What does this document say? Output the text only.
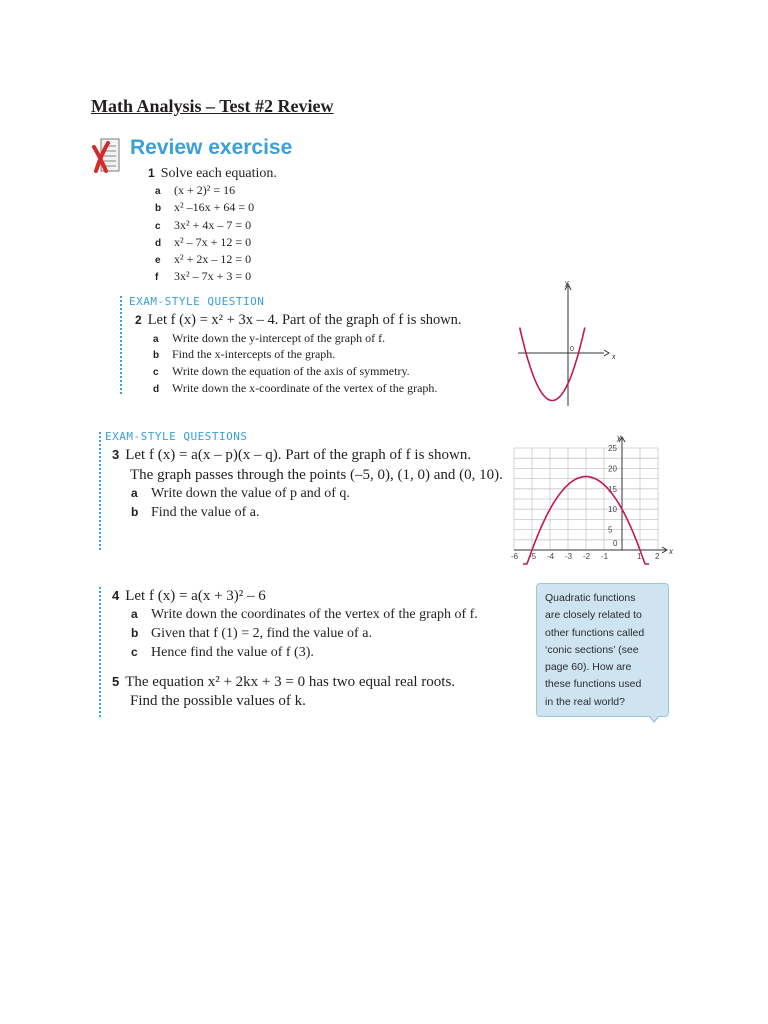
Math Analysis – Test #2 Review
Review exercise
1 Solve each equation.
a (x + 2)² = 16
b x² –16x + 64 = 0
c 3x² + 4x – 7 = 0
d x² – 7x + 12 = 0
e x² + 2x – 12 = 0
f 3x² – 7x + 3 = 0
EXAM-STYLE QUESTION
2 Let f (x) = x² + 3x – 4. Part of the graph of f is shown.
a Write down the y-intercept of the graph of f.
b Find the x-intercepts of the graph.
c Write down the equation of the axis of symmetry.
d Write down the x-coordinate of the vertex of the graph.
x
y
0
EXAM-STYLE QUESTIONS
3 Let f (x) = a(x – p)(x – q). Part of the graph of f is shown.
The graph passes through the points (–5, 0), (1, 0) and (0, 10).
a Write down the value of p and of q.
b Find the value of a.
x
y
-6 -5 -4 -3 -2 -1
0
1 2
5
10
15
20
25
4 Let f (x) = a(x + 3)² – 6
a Write down the coordinates of the vertex of the graph of f.
b Given that f (1) = 2, find the value of a.
c Hence find the value of f (3).
5 The equation x² + 2kx + 3 = 0 has two equal real roots.
Find the possible values of k.
Quadratic functions
are closely related to
other functions called
‘conic sections’ (see
page 60). How are
these functions used
in the real world?
